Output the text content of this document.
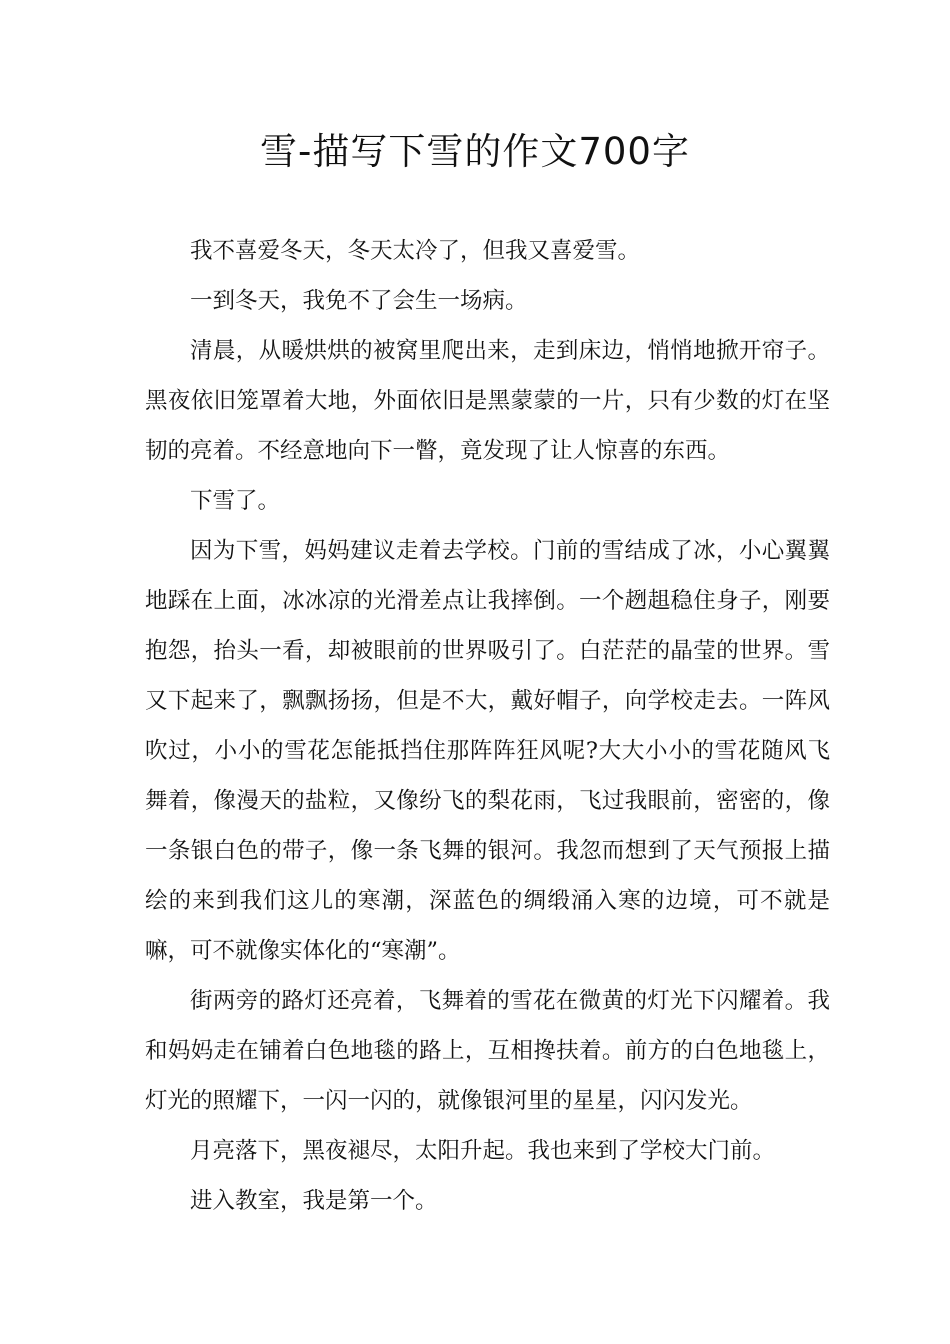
雪-描写下雪的作文700字

我不喜爱冬天，冬天太冷了，但我又喜爱雪。

一到冬天，我免不了会生一场病。

清晨，从暖烘烘的被窝里爬出来，走到床边，悄悄地掀开帘子。黑夜依旧笼罩着大地，外面依旧是黑蒙蒙的一片，只有少数的灯在坚韧的亮着。不经意地向下一瞥，竟发现了让人惊喜的东西。

下雪了。

因为下雪，妈妈建议走着去学校。门前的雪结成了冰，小心翼翼地踩在上面，冰冰凉的光滑差点让我摔倒。一个趔趄稳住身子，刚要抱怨，抬头一看，却被眼前的世界吸引了。白茫茫的晶莹的世界。雪又下起来了，飘飘扬扬，但是不大，戴好帽子，向学校走去。一阵风吹过，小小的雪花怎能抵挡住那阵阵狂风呢?大大小小的雪花随风飞舞着，像漫天的盐粒，又像纷飞的梨花雨，飞过我眼前，密密的，像一条银白色的带子，像一条飞舞的银河。我忽而想到了天气预报上描绘的来到我们这儿的寒潮，深蓝色的绸缎涌入寒的边境，可不就是嘛，可不就像实体化的“寒潮”。

街两旁的路灯还亮着，飞舞着的雪花在微黄的灯光下闪耀着。我和妈妈走在铺着白色地毯的路上，互相搀扶着。前方的白色地毯上，灯光的照耀下，一闪一闪的，就像银河里的星星，闪闪发光。

月亮落下，黑夜褪尽，太阳升起。我也来到了学校大门前。

进入教室，我是第一个。
